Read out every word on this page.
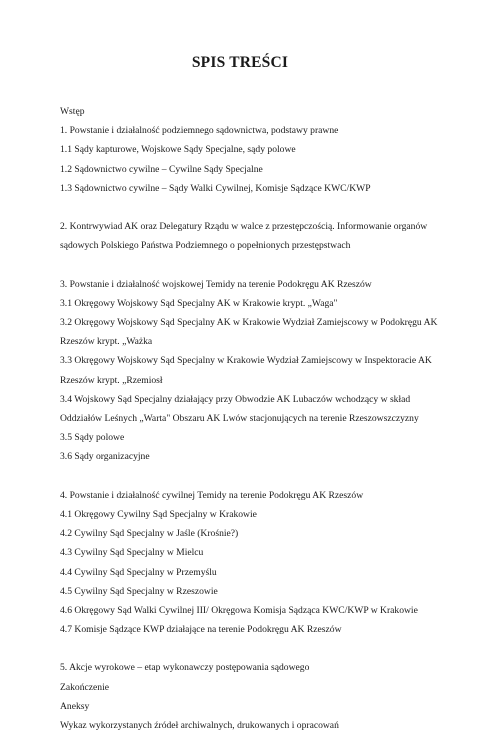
SPIS TREŚCI
Wstęp
1. Powstanie i działalność podziemnego sądownictwa, podstawy prawne
1.1 Sądy kapturowe, Wojskowe Sądy Specjalne, sądy polowe
1.2 Sądownictwo cywilne – Cywilne Sądy Specjalne
1.3 Sądownictwo cywilne – Sądy Walki Cywilnej, Komisje Sądzące KWC/KWP
2. Kontrwywiad AK oraz Delegatury Rządu w walce z przestępczością. Informowanie organów
sądowych Polskiego Państwa Podziemnego o popełnionych przestępstwach
3. Powstanie i działalność wojskowej Temidy na terenie Podokręgu AK Rzeszów
3.1 Okręgowy Wojskowy Sąd Specjalny AK w Krakowie krypt. „Waga"
3.2 Okręgowy Wojskowy Sąd Specjalny AK w Krakowie Wydział Zamiejscowy w Podokręgu AK
Rzeszów krypt. „Ważka
3.3 Okręgowy Wojskowy Sąd Specjalny w Krakowie Wydział Zamiejscowy w Inspektoracie AK
Rzeszów krypt. „Rzemiosł
3.4 Wojskowy Sąd Specjalny działający przy Obwodzie AK Lubaczów wchodzący w skład
Oddziałów Leśnych „Warta" Obszaru AK Lwów stacjonujących na terenie Rzeszowszczyzny
3.5 Sądy polowe
3.6 Sądy organizacyjne
4. Powstanie i działalność cywilnej Temidy na terenie Podokręgu AK Rzeszów
4.1 Okręgowy Cywilny Sąd Specjalny w Krakowie
4.2 Cywilny Sąd Specjalny w Jaśle (Krośnie?)
4.3 Cywilny Sąd Specjalny w Mielcu
4.4 Cywilny Sąd Specjalny w Przemyślu
4.5 Cywilny Sąd Specjalny w Rzeszowie
4.6 Okręgowy Sąd Walki Cywilnej III/ Okręgowa Komisja Sądząca KWC/KWP w Krakowie
4.7 Komisje Sądzące KWP działające na terenie Podokręgu AK Rzeszów
5. Akcje wyrokowe – etap wykonawczy postępowania sądowego
Zakończenie
Aneksy
Wykaz wykorzystanych źródeł archiwalnych, drukowanych i opracowań
